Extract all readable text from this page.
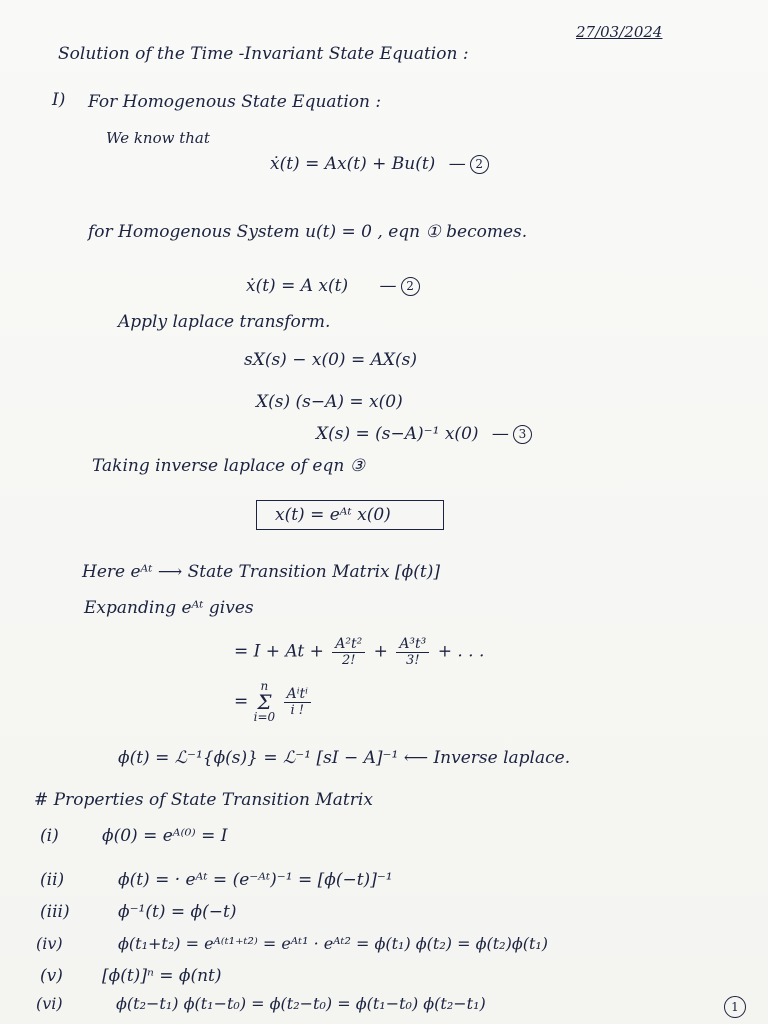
27/03/2024
Solution of the Time -Invariant State Equation :
I) For Homogenous State Equation :
We know that
ẋ(t) = Ax(t) + Bu(t) — 2
for Homogenous System u(t) = 0 , eqn ① becomes.
ẋ(t) = A x(t) — 2
Apply laplace transform.
sX(s) − x(0) = AX(s)
X(s) (s−A) = x(0)
X(s) = (s−A)⁻¹ x(0) — 3
Taking inverse laplace of eqn ③
x(t) = eᴬᵗ x(0)
Here eᴬᵗ ⟶ State Transition Matrix [ϕ(t)]
Expanding eᴬᵗ gives
= $I + At + \frac{\text{A²t²}}{2!} + \frac{\text{A³t³}}{3!}$ + . . .
= n
Σ
$i=0 \frac{\text{Aⁱtⁱ}}{i !}$
ϕ(t) = ℒ⁻¹{ϕ(s)} = ℒ⁻¹ [sI − A]⁻¹ ⟵ Inverse laplace.
# Properties of State Transition Matrix
(i)	ϕ(0) = eᴬ⁽⁰⁾ = I
(ii)	ϕ(t) = · eᴬᵗ = (e⁻ᴬᵗ)⁻¹ = [ϕ(−t)]⁻¹
(iii)	ϕ⁻¹(t) = ϕ(−t)
(iv)	ϕ(t₁+t₂) = eᴬ⁽ᵗ¹⁺ᵗ²⁾ = eᴬᵗ¹ · eᴬᵗ² = ϕ(t₁) ϕ(t₂) = ϕ(t₂)ϕ(t₁)
(v) [ϕ(t)]ⁿ = ϕ(nt)
(vi)	ϕ(t₂−t₁) ϕ(t₁−t₀) = ϕ(t₂−t₀) = ϕ(t₁−t₀) ϕ(t₂−t₁)	1
